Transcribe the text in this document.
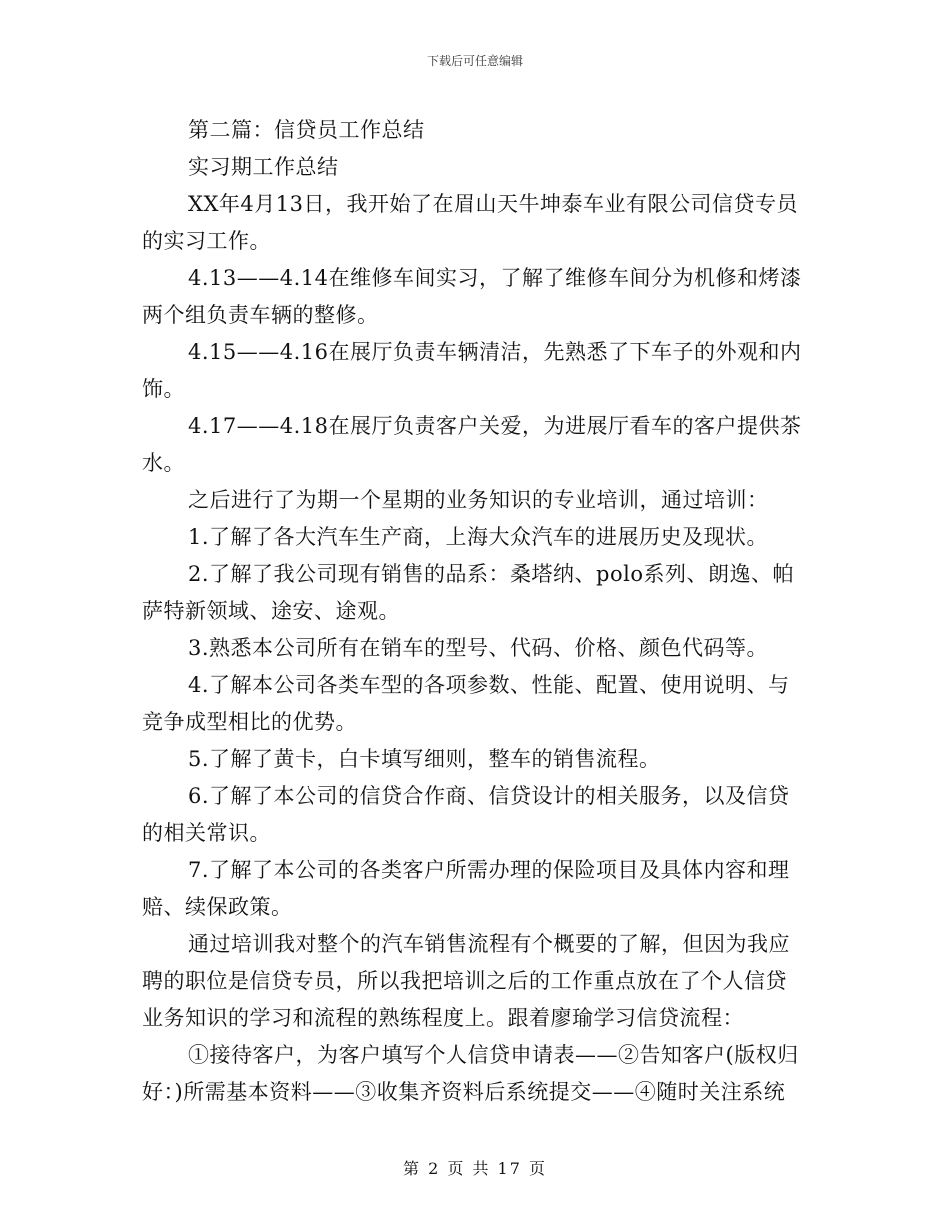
下载后可任意编辑

第二篇：信贷员工作总结

实习期工作总结

XX年4月13日，我开始了在眉山天牛坤泰车业有限公司信贷专员的实习工作。

4.13——4.14在维修车间实习，了解了维修车间分为机修和烤漆两个组负责车辆的整修。

4.15——4.16在展厅负责车辆清洁，先熟悉了下车子的外观和内饰。

4.17——4.18在展厅负责客户关爱，为进展厅看车的客户提供茶水。

之后进行了为期一个星期的业务知识的专业培训，通过培训：

1.了解了各大汽车生产商，上海大众汽车的进展历史及现状。

2.了解了我公司现有销售的品系：桑塔纳、polo系列、朗逸、帕萨特新领域、途安、途观。

3.熟悉本公司所有在销车的型号、代码、价格、颜色代码等。

4.了解本公司各类车型的各项参数、性能、配置、使用说明、与竞争成型相比的优势。

5.了解了黄卡，白卡填写细则，整车的销售流程。

6.了解了本公司的信贷合作商、信贷设计的相关服务，以及信贷的相关常识。

7.了解了本公司的各类客户所需办理的保险项目及具体内容和理赔、续保政策。

通过培训我对整个的汽车销售流程有个概要的了解，但因为我应聘的职位是信贷专员，所以我把培训之后的工作重点放在了个人信贷业务知识的学习和流程的熟练程度上。跟着廖瑜学习信贷流程：

①接待客户，为客户填写个人信贷申请表——②告知客户(版权归好：)所需基本资料——③收集齐资料后系统提交——④随时关注系统

第 2 页 共 17 页
